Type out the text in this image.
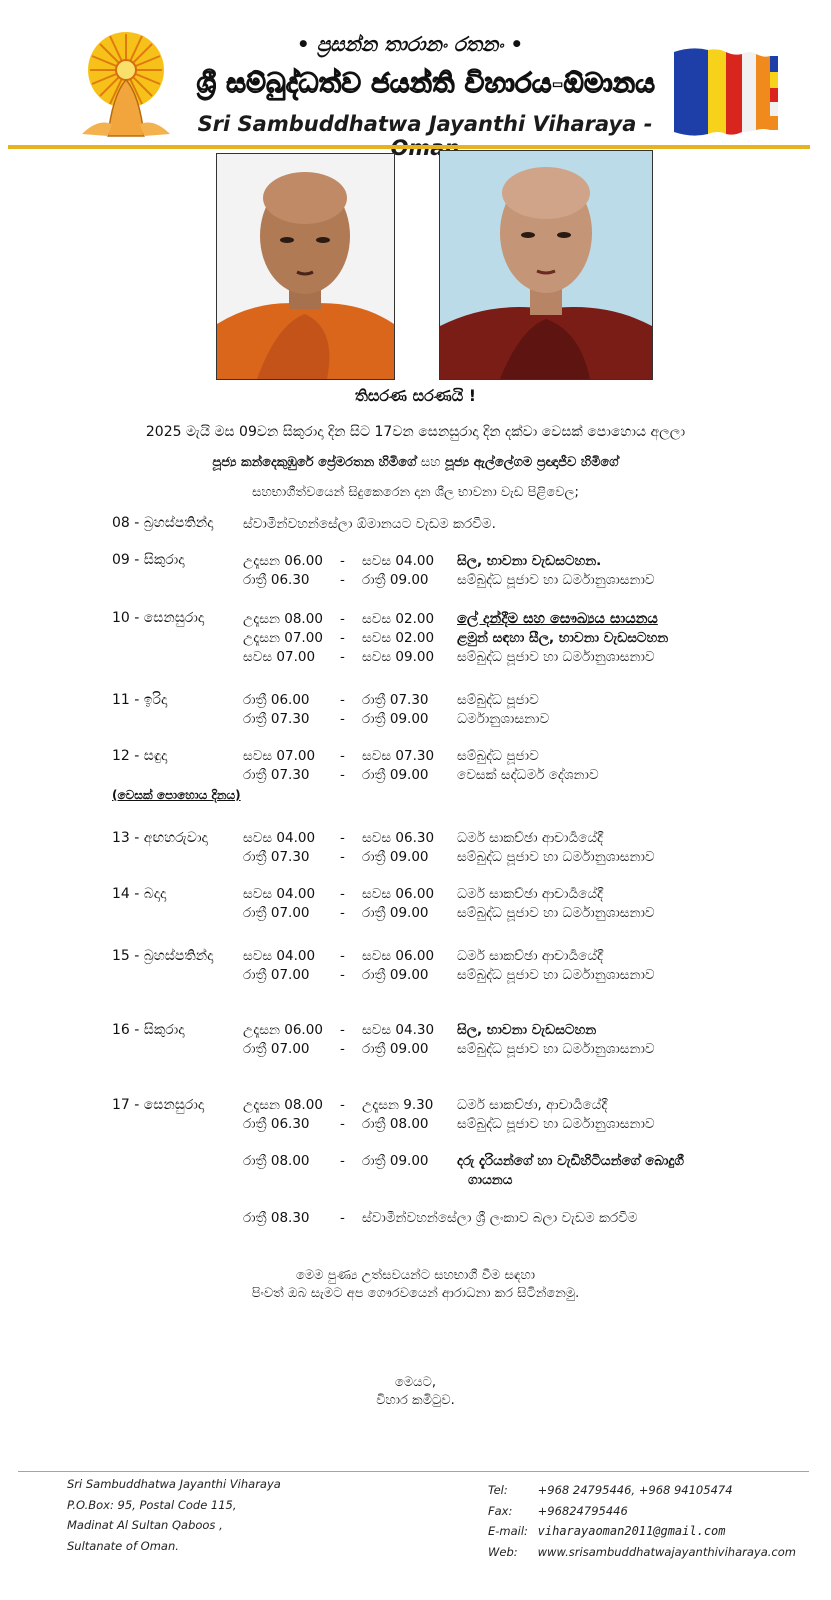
• ප්‍රසන්න තාරානං රතනං •
ශ්‍රී සම්බුද්ධත්ව ජයන්ති විහාරය-ඕමානය
Sri Sambuddhatwa Jayanthi Viharaya -
තිසරණ සරණයි !
2025 මැයි මස 09වන සිකුරාදා දින සිට 17වන සෙනසුරාදා දින දක්වා වෙසක් පොහොය අලලා
පූජ්‍ය කන්දෙකුඹුරේ ප්‍රේමරතන හිමිගේ සහ පූජ්‍ය ඇල්ලේගම ප්‍රඥාජීව හිමිගේ
සහභාගීත්වයෙන් සිදුකෙරෙන දාන ශීල භාවනා වැඩ පිළිවෙල;
08 - බ්‍රහස්පතින්දා ස්වාමීන්වහන්සේලා ඕමානයට වැඩම කරවීම.
09 - සිකුරාදා	උදෑසන 06.00 - සවස 04.00 සිල, භාවනා වැඩසටහන.
රාත්‍රී 06.30 - රාත්‍රී 09.00 සම්බුද්ධ පූජාව හා ධර්මානුශාසනාව
10 - සෙනසුරාදා	උදෑසන 08.00 - සවස 02.00 ලේ දන්දීම සහ සෞඛ්‍යය සායනය
උදෑසන 07.00 - සවස 02.00 ළමුන් සඳහා සීල, භාවනා වැඩසටහන
සවස 07.00 - සවස 09.00 සම්බුද්ධ පූජාව හා ධර්මානුශාසනාව
11 - ඉරිදා	රාත්‍රී 06.00 - රාත්‍රී 07.30 සම්බුද්ධ පූජාව
රාත්‍රී 07.30 - රාත්‍රී 09.00 ධර්මානුශාසනාව
12 - සඳුදා	සවස 07.00 - සවස 07.30 සම්බුද්ධ පූජාව
රාත්‍රී 07.30 - රාත්‍රී 09.00 වෙසක් සද්ධර්ම දේශනාව
(වෙසක් පොහොය දිනය)
13 - අඟහරුවාදා	සවස 04.00 - සවස 06.30 ධර්ම සාකච්ඡා ආචාර්‍යයේදී
රාත්‍රී 07.30 - රාත්‍රී 09.00 සම්බුද්ධ පූජාව හා ධර්මානුශාසනාව
14 - බදාදා	සවස 04.00 - සවස 06.00 ධර්ම සාකච්ඡා ආචාර්‍යයේදී
රාත්‍රී 07.00 - රාත්‍රී 09.00 සම්බුද්ධ පූජාව හා ධර්මානුශාසනාව
15 - බ්‍රහස්පතින්දා සවස 04.00 - සවස 06.00 ධර්ම සාකච්ඡා ආචාර්‍යයේදී
රාත්‍රී 07.00 - රාත්‍රී 09.00 සම්බුද්ධ පූජාව හා ධර්මානුශාසනාව
16 - සිකුරාදා	උදෑසන 06.00 - සවස 04.30 සිල, භාවනා වැඩසටහන
රාත්‍රී 07.00 - රාත්‍රී 09.00 සම්බුද්ධ පූජාව හා ධර්මානුශාසනාව
17 - සෙනසුරාදා	උදෑසන 08.00 - උදෑසන 9.30 ධර්ම සාකච්ඡා, ආචාර්‍යයේදී
රාත්‍රී 06.30 - රාත්‍රී 08.00 සම්බුද්ධ පූජාව හා ධර්මානුශාසනාව
රාත්‍රී 08.00 - රාත්‍රී 09.00 දරු දැරියන්ගේ හා වැඩිහිටියන්ගේ බොදුගී
ගායනය
රාත්‍රී 08.30 - ස්වාමීන්වහන්සේලා ශ්‍රී ලංකාව බලා වැඩම කරවීම
මෙම පුණ්‍ය උත්සවයන්ට සහභාගී වීම සඳහා
පිංවත් ඔබ සැමට අප ගෞරවයෙන් ආරාධනා කර සිටින්නෙමු.
මෙයට,
විහාර කමිටුව.
Sri Sambuddhatwa Jayanthi Viharaya
P.O.Box: 95, Postal Code 115,
Madinat Al Sultan Qaboos ,
Sultanate of Oman.
Tel:	+968 24795446, +968 94105474
Fax: +96824795446
E-mail: viharayaoman2011@gmail.com
Web: www.srisambuddhatwajayanthiviharaya.com
